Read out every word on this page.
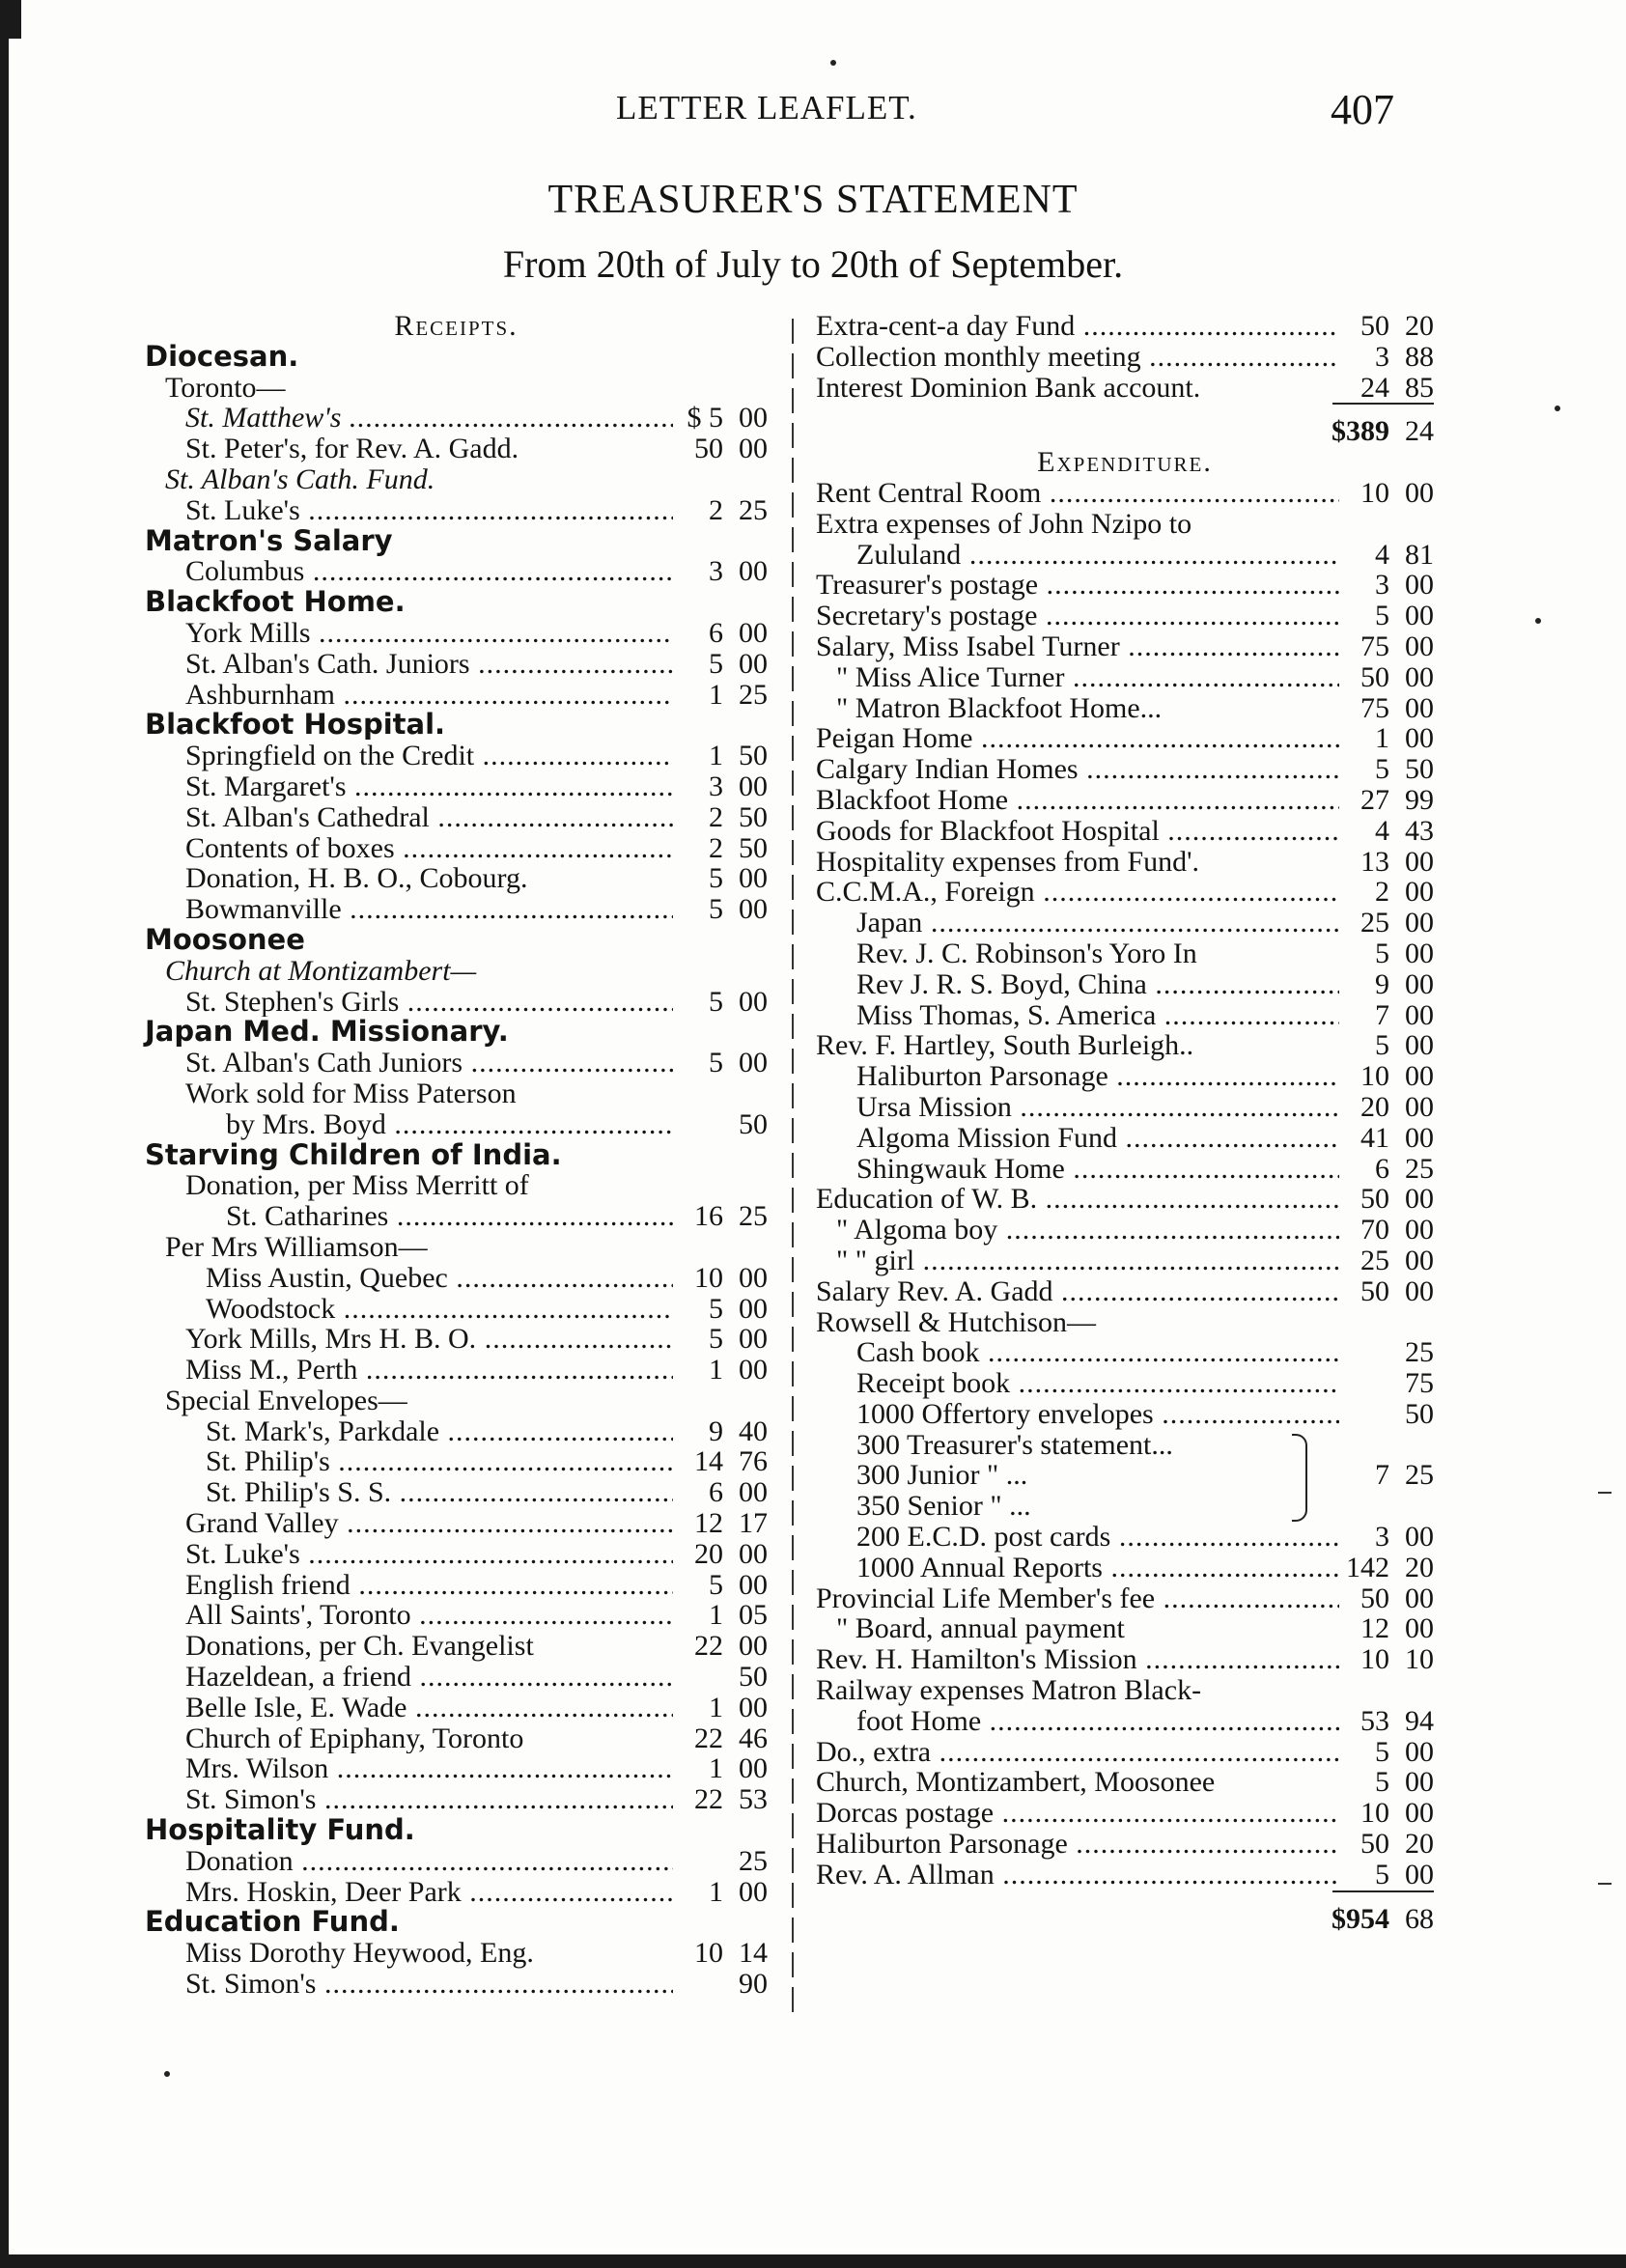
LETTER LEAFLET.	407
TREASURER'S STATEMENT
From 20th of July to 20th of September.
Receipts.
Diocesan.
Toronto—
St. Matthew's .....	$ 5 00
St. Peter's, for Rev. A. Gadd.	50 00
St. Alban's Cath. Fund.
St. Luke's .....	2 25
Matron's Salary
Columbus .....	3 00
Blackfoot Home.
York Mills .....	6 00
St. Alban's Cath. Juniors .....	5 00
Ashburnham .....	1 25
Blackfoot Hospital.
Springfield on the Credit .....	1 50
St. Margaret's .....	3 00
St. Alban's Cathedral .....	2 50
Contents of boxes .....	2 50
Donation, H. B. O., Cobourg.	5 00
Bowmanville .....	5 00
Moosonee
Church at Montizambert—
St. Stephen's Girls .....	5 00
Japan Med. Missionary.
St. Alban's Cath Juniors .....	5 00
Work sold for Miss Paterson
by Mrs. Boyd .....	50
Starving Children of India.
Donation, per Miss Merritt of
St. Catharines .....	16 25
Per Mrs Williamson—
Miss Austin, Quebec .....	10 00
Woodstock .....	5 00
York Mills, Mrs H. B. O. .....	5 00
Miss M., Perth .....	1 00
Special Envelopes—
St. Mark's, Parkdale .....	9 40
St. Philip's .....	14 76
St. Philip's S. S. .....	6 00
Grand Valley .....	12 17
St. Luke's .....	20 00
English friend .....	5 00
All Saints', Toronto .....	1 05
Donations, per Ch. Evangelist	22 00
Hazeldean, a friend .....	50
Belle Isle, E. Wade .....	1 00
Church of Epiphany, Toronto	22 46
Mrs. Wilson .....	1 00
St. Simon's .....	22 53
Hospitality Fund.
Donation .....	25
Mrs. Hoskin, Deer Park .....	1 00
Education Fund.
Miss Dorothy Heywood, Eng.	10 14
St. Simon's .....	90
Extra-cent-a day Fund .....	50 20
Collection monthly meeting .....	3 88
Interest Dominion Bank account.	24 85
$389 24
Expenditure.
Rent Central Room .....	10 00
Extra expenses of John Nzipo to
Zululand .....	4 81
Treasurer's postage .....	3 00
Secretary's postage .....	5 00
Salary, Miss Isabel Turner .....	75 00
" Miss Alice Turner .....	50 00
" Matron Blackfoot Home...	75 00
Peigan Home .....	1 00
Calgary Indian Homes .....	5 50
Blackfoot Home .....	27 99
Goods for Blackfoot Hospital .....	4 43
Hospitality expenses from Fund'.	13 00
C.C.M.A., Foreign .....	2 00
Japan .....	25 00
Rev. J. C. Robinson's Yoro In	5 00
Rev J. R. S. Boyd, China .....	9 00
Miss Thomas, S. America .....	7 00
Rev. F. Hartley, South Burleigh..	5 00
Haliburton Parsonage .....	10 00
Ursa Mission .....	20 00
Algoma Mission Fund .....	41 00
Shingwauk Home .....	6 25
Education of W. B. .....	50 00
" Algoma boy .....	70 00
" " girl .....	25 00
Salary Rev. A. Gadd .....	50 00
Rowsell & Hutchison—
Cash book .....	25
Receipt book .....	75
1000 Offertory envelopes .....	50
300 Treasurer's statement...
300 Junior " ...	7 25
350 Senior " ...
200 E.C.D. post cards .....	3 00
1000 Annual Reports .....	142 20
Provincial Life Member's fee .....	50 00
" Board, annual payment	12 00
Rev. H. Hamilton's Mission .....	10 10
Railway expenses Matron Black-
foot Home .....	53 94
Do., extra .....	5 00
Church, Montizambert, Moosonee	5 00
Dorcas postage .....	10 00
Haliburton Parsonage .....	50 20
Rev. A. Allman .....	5 00
$954 68
